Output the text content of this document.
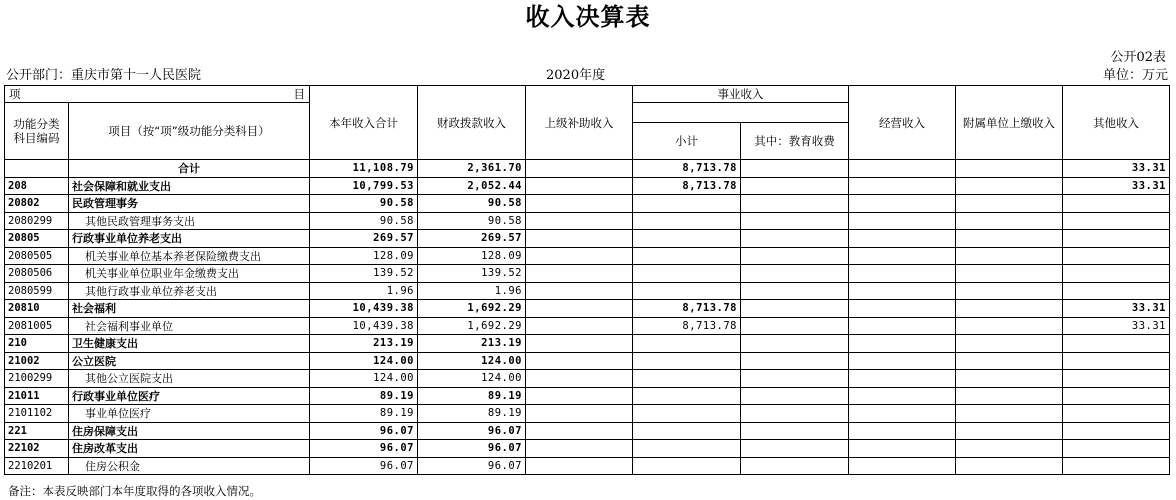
收入决算表
公开02表
公开部门：重庆市第十一人民医院	2020年度	单位：万元
项 目		本年收入合计	财政拨款收入	上级补助收入	事业收入		经营收入	附属单位上缴收入	其他收入
功能分类科目编码	项目（按“项”级功能分类科目）								
					小计	其中：教育收费			
	合计	11,108.79	2,361.70		8,713.78				33.31
208	社会保障和就业支出	10,799.53	2,052.44		8,713.78				33.31
20802	民政管理事务	90.58	90.58						
2080299	其他民政管理事务支出	90.58	90.58						
20805	行政事业单位养老支出	269.57	269.57						
2080505	机关事业单位基本养老保险缴费支出	128.09	128.09						
2080506	机关事业单位职业年金缴费支出	139.52	139.52						
2080599	其他行政事业单位养老支出	1.96	1.96						
20810	社会福利	10,439.38	1,692.29		8,713.78				33.31
2081005	社会福利事业单位	10,439.38	1,692.29		8,713.78				33.31
210	卫生健康支出	213.19	213.19						
21002	公立医院	124.00	124.00						
2100299	其他公立医院支出	124.00	124.00						
21011	行政事业单位医疗	89.19	89.19						
2101102	事业单位医疗	89.19	89.19						
221	住房保障支出	96.07	96.07						
22102	住房改革支出	96.07	96.07						
2210201	住房公积金	96.07	96.07						
备注：本表反映部门本年度取得的各项收入情况。
